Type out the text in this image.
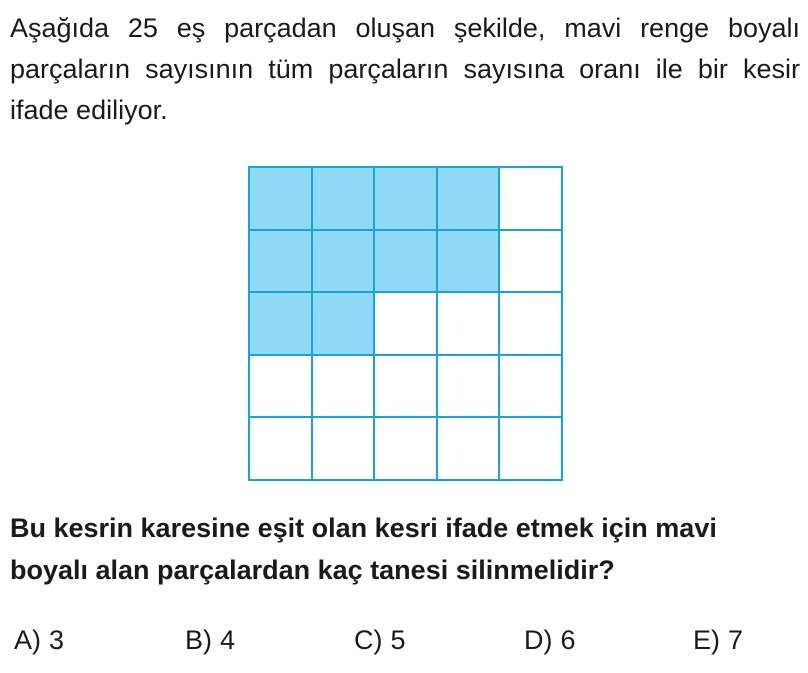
Aşağıda 25 eş parçadan oluşan şekilde, mavi renge boyalı parçaların sayısının tüm parçaların sayısına oranı ile bir kesir ifade ediliyor.

Bu kesrin karesine eşit olan kesri ifade etmek için mavi boyalı alan parçalardan kaç tanesi silinmelidir?

A) 3	B) 4	C) 5	D) 6	E) 7
